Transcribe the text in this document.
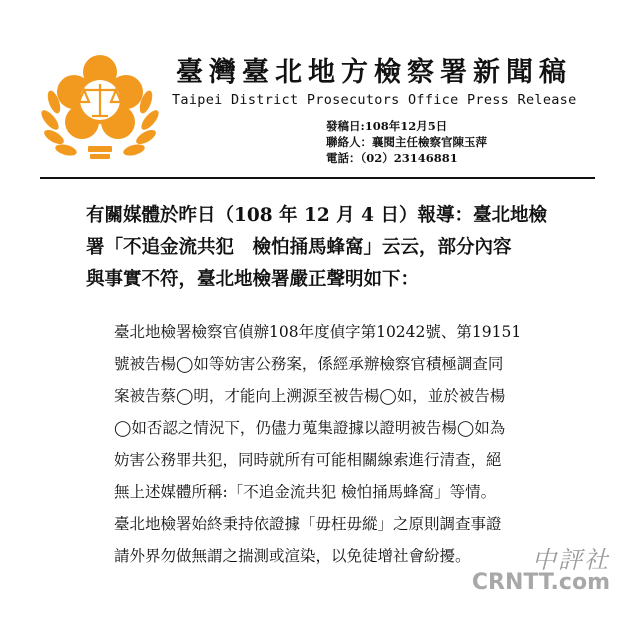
臺灣臺北地方檢察署新聞稿
Taipei District Prosecutors Office Press Release
發稿日:108年12月5日
聯絡人：襄閱主任檢察官陳玉萍
電話：（02）23146881
有關媒體於昨日（108 年 12 月 4 日）報導：臺北地檢
署「不追金流共犯　檢怕捅馬蜂窩」云云，部分內容
與事實不符，臺北地檢署嚴正聲明如下：
臺北地檢署檢察官偵辦108年度偵字第10242號、第19151
號被告楊◯如等妨害公務案，係經承辦檢察官積極調查同
案被告蔡◯明，才能向上溯源至被告楊◯如，並於被告楊
◯如否認之情況下，仍儘力蒐集證據以證明被告楊◯如為
妨害公務罪共犯，同時就所有可能相關線索進行清查，絕
無上述媒體所稱:「不追金流共犯 檢怕捅馬蜂窩」等情。
臺北地檢署始終秉持依證據「毋枉毋縱」之原則調查事證
請外界勿做無謂之揣測或渲染，以免徒增社會紛擾。	中評社
CRNTT.com
